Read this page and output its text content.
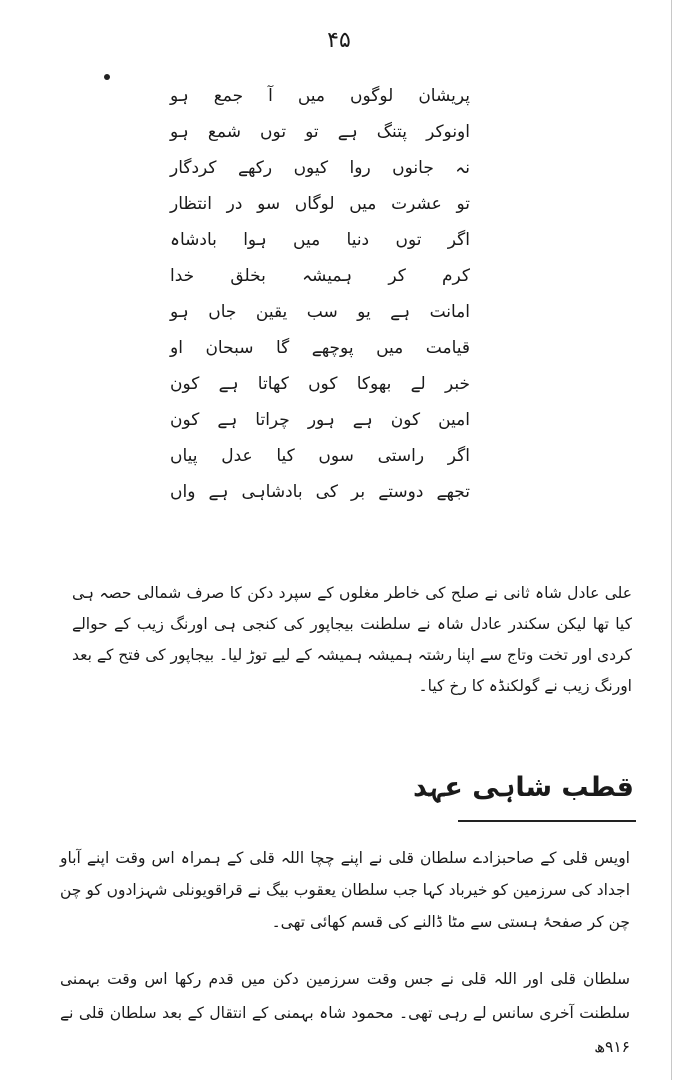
۴۵
پریشان لوگوں میں آ جمع ہو
اونوکر پتنگ ہے تو توں شمع ہو
نہ جانوں روا کیوں رکھے کردگار
تو عشرت میں لوگاں سو در انتظار
اگر توں دنیا میں ہوا بادشاہ
کرم کر ہمیشہ بخلق خدا
امانت ہے یو سب یقین جاں ہو
قیامت میں پوچھے گا سبحان او
خبر لے بھوکا کوں کھاتا ہے کون
امین کون ہے ہور چراتا ہے کون
اگر راستی سوں کیا عدل پیاں
تجھے دوستے بر کی بادشاہی ہے واں
علی عادل شاہ ثانی نے صلح کی خاطر مغلوں کے سپرد دکن کا صرف شمالی حصہ ہی کیا تھا لیکن سکندر عادل شاہ نے سلطنت بیجاپور کی کنجی ہی اورنگ زیب کے حوالے کردی اور تخت وتاج سے اپنا رشتہ ہمیشہ ہمیشہ کے لیے توڑ لیا۔ بیجاپور کی فتح کے بعد اورنگ زیب نے گولکنڈہ کا رخ کیا۔
قطب شاہی عہد
اویس قلی کے صاحبزادے سلطان قلی نے اپنے چچا اللہ قلی کے ہمراہ اس وقت اپنے آباو اجداد کی سرزمین کو خیرباد کہا جب سلطان یعقوب بیگ نے قراقویونلی شہزادوں کو چن چن کر صفحۂ ہستی سے مٹا ڈالنے کی قسم کھائی تھی۔
سلطان قلی اور اللہ قلی نے جس وقت سرزمین دکن میں قدم رکھا اس وقت بہمنی سلطنت آخری سانس لے رہی تھی۔ محمود شاہ بہمنی کے انتقال کے بعد سلطان قلی نے ۹۱۶ھ
